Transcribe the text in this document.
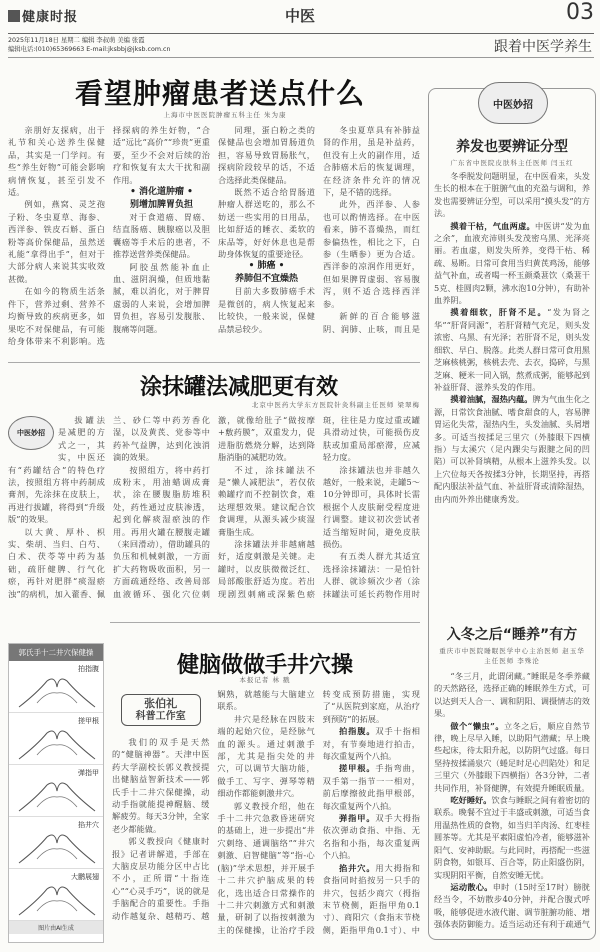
健康时报	中医	03
2025年11月18日 星期二 编辑 李叔萌 美编 张霞
编辑电话:(010)65369663 E-mail:jksbbj@jksb.com.cn	跟着中医学养生
看望肿瘤患者送点什么
上海市中医医院肿瘤五科主任 朱为康

亲朋好友探病，出于礼节和关心送养生保健品，其实是一门学问。有些“养生好物”可能会影响病情恢复，甚至引发不适。

例如，燕窝、灵芝孢子粉、冬虫夏草、海参、西洋参、铁皮石斛、蛋白粉等高价保健品，虽然送礼能“拿得出手”，但对于大部分病人来说其实收效甚微。

在如今的物质生活条件下，营养过剩、营养不均衡导致的疾病更多，如果吃不对保健品，有可能给身体带来不利影响。选择探病的养生好物，“合适”远比“高价”“珍贵”更重要，至少不会对后续的治疗和恢复有太大干扰和副作用。

• 消化道肿瘤 •

别增加脾胃负担

对于食道癌、胃癌、结直肠癌、胰腺癌以及胆囊癌等手术后的患者，不推荐送营养类保健品。

阿胶虽然能补血止血、滋阴润燥，但质地黏腻，难以消化，对于脾胃虚弱的人来说，会增加脾胃负担，容易引发腹胀、腹痛等问题。

同理，蛋白粉之类的保健品也会增加胃肠道负担，容易导致胃肠胀气，探病阶段较早的话，不适合选择此类保健品。

既然不适合给胃肠道肿瘤人群送吃的，那么不妨送一些实用的日用品，比如舒适的睡衣、柔软的床品等，好好休息也是帮助身体恢复的重要途径。

• 肺癌 •

养肺但不宜燥热

目前大多数肺癌手术是微创的，病人恢复起来比较快，一般来说，保健品禁忌较少。

冬虫夏草具有补肺益肾的作用，虽是补益药，但没有上火的副作用，适合肺癌术后的恢复调理，在经济条件允许的情况下，是不错的选择。

此外，西洋参、人参也可以酌情选择。在中医看来，肺不喜燥热，而红参偏热性，相比之下，白参（生晒参）更为合适。西洋参的凉润作用更好，但如果脾胃虚弱、容易腹泻，则不适合选择西洋参。

新鲜的百合能够滋阴、润肺、止咳，而且是

涂抹罐法减肥更有效
北京中医药大学东方医院针灸科副主任医师 梁翠梅
中医妙招

拔罐法是减肥的方式之一，其实，中医还有“药罐结合”的特色疗法，按照组方将中药制成膏剂，先涂抹在皮肤上，再进行拔罐，将得到“升级版”的效果。

以大黄、厚朴、枳实、柴胡、当归、白芍、白术、茯苓等中药为基础，疏肝健脾、行气化瘀，再针对肥胖“痰湿瘀浊”的病机，加入藿香、佩兰、砂仁等中药芳香化湿，以及黄芪、党参等中药补气益脾，达到化浊消滴的效果。

按照组方，将中药打成粉末，用油蜡调成膏状，涂在腰腹脂肪堆积处，药性通过皮肤渗透，起到化解痰湿瘀浊的作用。再用火罐在腰腹走罐（来回滑动），借助罐具的负压和机械刺激，一方面扩大药物吸收面积，另一方面疏通经络、改善局部血液循环、强化穴位刺激，就像给肚子“做按摩+敷药膜”，双重发力，促进脂肪燃烧分解，达到降脂消脂的减肥功效。

不过，涂抹罐法不是“懒人减肥法”，若仅依赖罐疗而不控制饮食，难达理想效果。建议配合饮食调理，从源头减少痰湿膏脂生成。

涂抹罐法并非越痛越好，适度刺激是关键。走罐时，以皮肤微微泛红、局部酸胀舒适为度。若出现剧烈刺痛或深紫色瘀斑，往往是力度过重或罐具滑动过快，可能损伤皮肤或加重局部瘀滞，应减轻力度。

涂抹罐法也并非越久越好，一般来说，走罐5～10分钟即可，具体时长需根据个人皮肤耐受程度进行调整。建议初次尝试者适当缩短时间，避免皮肤损伤。

有五类人群尤其适宜选择涂抹罐法：一是怕针人群、就诊频次少者（涂抹罐法可延长药物作用时

郭氏手十二井穴保健操
拍指腹
搓甲根
弹指甲
掐井穴
大鹏展翅
图片由AI生成
健脑做做手井穴操
本报记者 林 戳
张伯礼
科普工作室

我们的双手是天然的“健脑神器”。天津中医药大学副校长郭义教授提出健脑益智新技术——郭氏手十二井穴保健操，动动手指就能提神醒脑、缓解疲劳。每天3分钟，全家老少都能做。

郭义教授向《健康时报》记者讲解道，手部在大脑皮层功能分区中占比不小，正所谓“十指连心”“心灵手巧”，说的就是手脑配合的重要性。手指动作越复杂、越精巧、越娴熟，就越能与大脑建立联系。

井穴是经脉在四肢末端的起始穴位，是经脉气血的源头。通过刺激手部，尤其是指尖处的井穴，可以调节大脑功能，做手工、写字、弹琴等精细动作都能刺激井穴。

郭义教授介绍，他在手十二井穴急救昏迷研究的基础上，进一步提出“井穴刺络、通调脑络”“井穴刺激、启智健脑”等“指-心(脑)”学术思想，并开展手十二井穴护脑成果的转化，选出适合日常操作的十二井穴刺激方式和刺激量，研制了以指按刺激为主的保健操，让治疗手段转变成预防措施，实现了“从医院到家庭，从治疗到预防”的拓展。

拍指腹。双手十指相对，有节奏地进行拍击，每次重复两个八拍。

搓甲根。手指弯曲，双手第一指节一一相对，前后摩擦彼此指甲根部，每次重复两个八拍。

弹指甲。双手大拇指依次弹动食指、中指、无名指和小指，每次重复两个八拍。

掐井穴。用大拇指和食指同时掐按另一只手的井穴，包括少商穴（拇指末节桡侧，距指甲角0.1寸）、商阳穴（食指末节桡侧，距指甲角0.1寸）、中

中医妙招
养发也要辨证分型
广东省中医院皮肤科主任医师 闫玉红

冬季脱发问题明显，在中医看来，头发生长的根本在于脏腑气血的充盈与调和，养发也需要辨证分型，可以采用“摸头发”的方法。

摸着干枯，气血两虚。中医讲“发为血之余”，血液充沛则头发茂密乌黑、光泽亮丽。若血虚，则发失所养，变得干枯、稀疏、易断。日常可食用当归黄芪鸡汤，能够益气补血，或者喝一杯玉颜桑葚饮（桑葚干5克、桂圆肉2颗，沸水泡10分钟），有助补血养阴。

摸着细软，肝肾不足。“发为肾之华”“肝肾同源”，若肝肾精气充足，则头发浓密、乌黑、有光泽；若肝肾不足，则头发细软、早白、脱落。此类人群日常可食用黑芝麻核桃粥，核桃去壳、去衣，捣碎，与黑芝麻、粳米一同入锅，熬煮成粥，能够起到补益肝肾、滋养头发的作用。

摸着油腻，湿热内蕴。脾为气血生化之源，日常饮食油腻、嗜食甜食的人，容易脾胃运化失常，湿热内生，头发油腻、头屑增多。可适当按揉足三里穴（外膝眼下四横指）与太溪穴（足内踝尖与跟腱之间的凹陷）可以补肾填精，从根本上滋养头发。以上穴位每天各按揉3分钟，长期坚持，再搭配内服法补益气血、补益肝肾或清除湿热，由内而外养出健康秀发。

入冬之后“睡养”有方
重庆市中医院睡眠医学中心主治医师 赵玉华 主任医师 李殊沦

“冬三月，此谓闭藏。”睡眠是冬季养藏的天然路径，选择正确的睡眠养生方式，可以达到天人合一、调和阴阳、调摄情志的效果。

做个“懒虫”。立冬之后，顺应自然节律，晚上尽早入睡，以助阳气潜藏；早上晚些起床，待太阳升起，以防阴气过盛。每日坚持按揉涌泉穴（蜷足时足心凹陷处）和足三里穴（外膝眼下四横指）各3分钟，二者共同作用，补肾健脾，有效提升睡眠质量。

吃好睡好。饮食与睡眠之间有着密切的联系。晚餐不宜过于丰盛或刺激，可适当食用温热性质的食物，如当归羊肉汤、红枣桂圆茶等。尤其是平素阳虚怕冷者，能够滋补阳气、安神助眠。与此同时，再搭配一些滋阴食物，如银耳、百合等，防止阳盛伤阴，实现阴阳平衡，自然安睡无忧。

运动散心。申时（15时至17时）膀胱经当令，不妨散步40分钟，并配合腹式呼吸，能够促进水液代谢、调节脏腑功能、增强体表防御能力。适当运动还有利于疏通气
